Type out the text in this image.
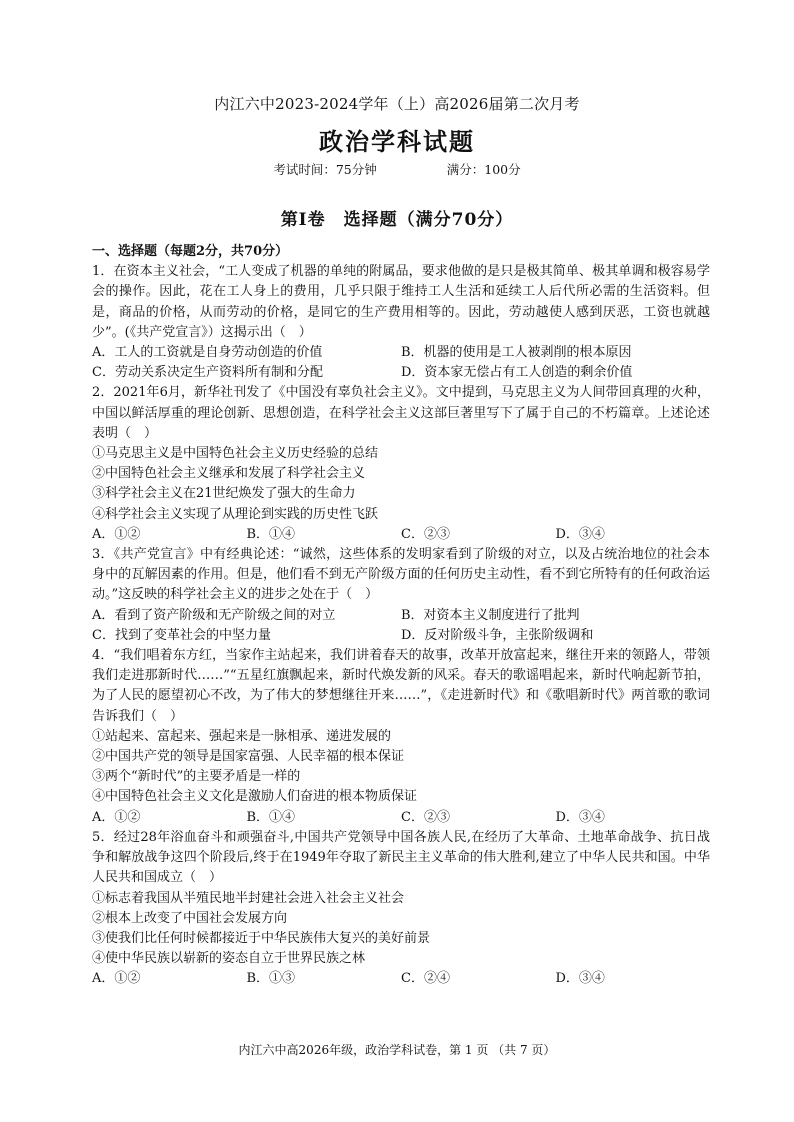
内江六中2023-2024学年（上）高2026届第二次月考
政治学科试题
考试时间：75分钟	满分：100分
第Ⅰ卷　选择题（满分70分）
一、选择题（每题2分，共70分）

1．在资本主义社会，“工人变成了机器的单纯的附属品，要求他做的是只是极其简单、极其单调和极容易学会的操作。因此，花在工人身上的费用，几乎只限于维持工人生活和延续工人后代所必需的生活资料。但是，商品的价格，从而劳动的价格，是同它的生产费用相等的。因此，劳动越使人感到厌恶，工资也就越少”。(《共产党宣言》）这揭示出（　）

A．工人的工资就是自身劳动创造的价值	B．机器的使用是工人被剥削的根本原因
C．劳动关系决定生产资料所有制和分配	D．资本家无偿占有工人创造的剩余价值

2．2021年6月，新华社刊发了《中国没有辜负社会主义》。文中提到，马克思主义为人间带回真理的火种，中国以鲜活厚重的理论创新、思想创造，在科学社会主义这部巨著里写下了属于自己的不朽篇章。上述论述表明（　）

①马克思主义是中国特色社会主义历史经验的总结
②中国特色社会主义继承和发展了科学社会主义
③科学社会主义在21世纪焕发了强大的生命力
④科学社会主义实现了从理论到实践的历史性飞跃
A．①②	B．①④	C．②③	D．③④

3．《共产党宣言》中有经典论述：“诚然，这些体系的发明家看到了阶级的对立，以及占统治地位的社会本身中的瓦解因素的作用。但是，他们看不到无产阶级方面的任何历史主动性，看不到它所特有的任何政治运动。”这反映的科学社会主义的进步之处在于（　）

A．看到了资产阶级和无产阶级之间的对立	B．对资本主义制度进行了批判
C．找到了变革社会的中坚力量	D．反对阶级斗争，主张阶级调和

4．“我们唱着东方红，当家作主站起来，我们讲着春天的故事，改革开放富起来，继往开来的领路人，带领我们走进那新时代……”“五星红旗飘起来，新时代焕发新的风采。春天的歌谣唱起来，新时代响起新节拍，为了人民的愿望初心不改，为了伟大的梦想继往开来……”，《走进新时代》和《歌唱新时代》两首歌的歌词告诉我们（　）

①站起来、富起来、强起来是一脉相承、递进发展的
②中国共产党的领导是国家富强、人民幸福的根本保证
③两个“新时代”的主要矛盾是一样的
④中国特色社会主义文化是激励人们奋进的根本物质保证
A．①②	B．①④	C．②③	D．③④

5．经过28年浴血奋斗和顽强奋斗,中国共产党领导中国各族人民,在经历了大革命、土地革命战争、抗日战争和解放战争这四个阶段后,终于在1949年夺取了新民主主义革命的伟大胜利,建立了中华人民共和国。中华人民共和国成立（　）

①标志着我国从半殖民地半封建社会进入社会主义社会
②根本上改变了中国社会发展方向
③使我们比任何时候都接近于中华民族伟大复兴的美好前景
④使中华民族以崭新的姿态自立于世界民族之林
A．①②	B．①③	C．②④	D．③④
内江六中高2026年级，政治学科试卷，第 1 页 （共 7 页）
